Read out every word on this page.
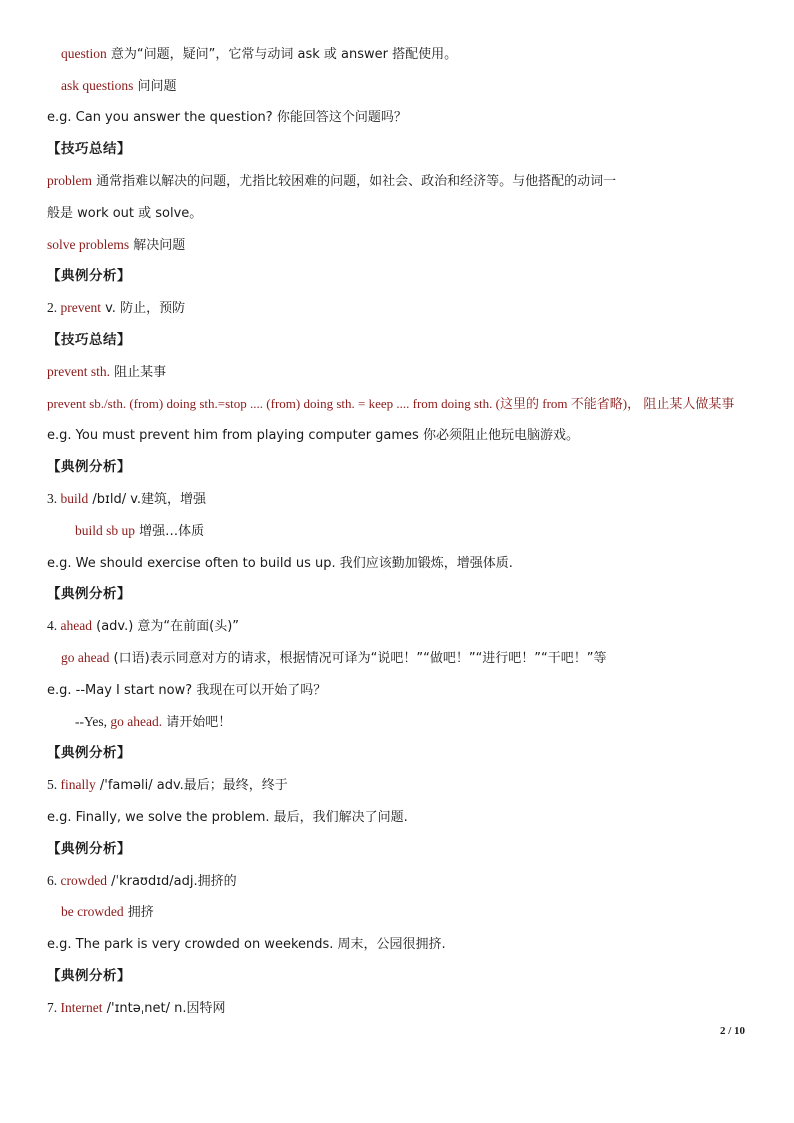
question 意为“问题，疑问”，它常与动词 ask 或 answer 搭配使用。
ask questions 问问题
e.g. Can you answer the question? 你能回答这个问题吗？
【技巧总结】
problem 通常指难以解决的问题，尤指比较困难的问题，如社会、政治和经济等。与他搭配的动词一
般是 work out 或 solve。
solve problems 解决问题
【典例分析】
2. prevent v. 防止，预防
【技巧总结】
prevent sth. 阻止某事
prevent sb./sth. (from) doing sth.=stop .... (from) doing sth. = keep .... from doing sth. (这里的 from 不能省略)， 阻止某人做某事
e.g. You must prevent him from playing computer games 你必须阻止他玩电脑游戏。
【典例分析】
3. build /bɪld/ v.建筑，增强
build sb up 增强…体质
e.g. We should exercise often to build us up. 我们应该勤加锻炼，增强体质.
【典例分析】
4. ahead (adv.) 意为“在前面(头)”
go ahead (口语)表示同意对方的请求，根据情况可译为“说吧！”“做吧！”“进行吧！”“干吧！”等
e.g. --May I start now? 我现在可以开始了吗？
--Yes, go ahead. 请开始吧！
【典例分析】
5. finally /'faməli/ adv.最后；最终，终于
e.g. Finally, we solve the problem. 最后，我们解决了问题.
【典例分析】
6. crowded /ˈkraʊdɪd/adj.拥挤的
be crowded 拥挤
e.g. The park is very crowded on weekends. 周末，公园很拥挤.
【典例分析】
7. Internet /'ɪntəˌnet/ n.因特网
2 / 10
